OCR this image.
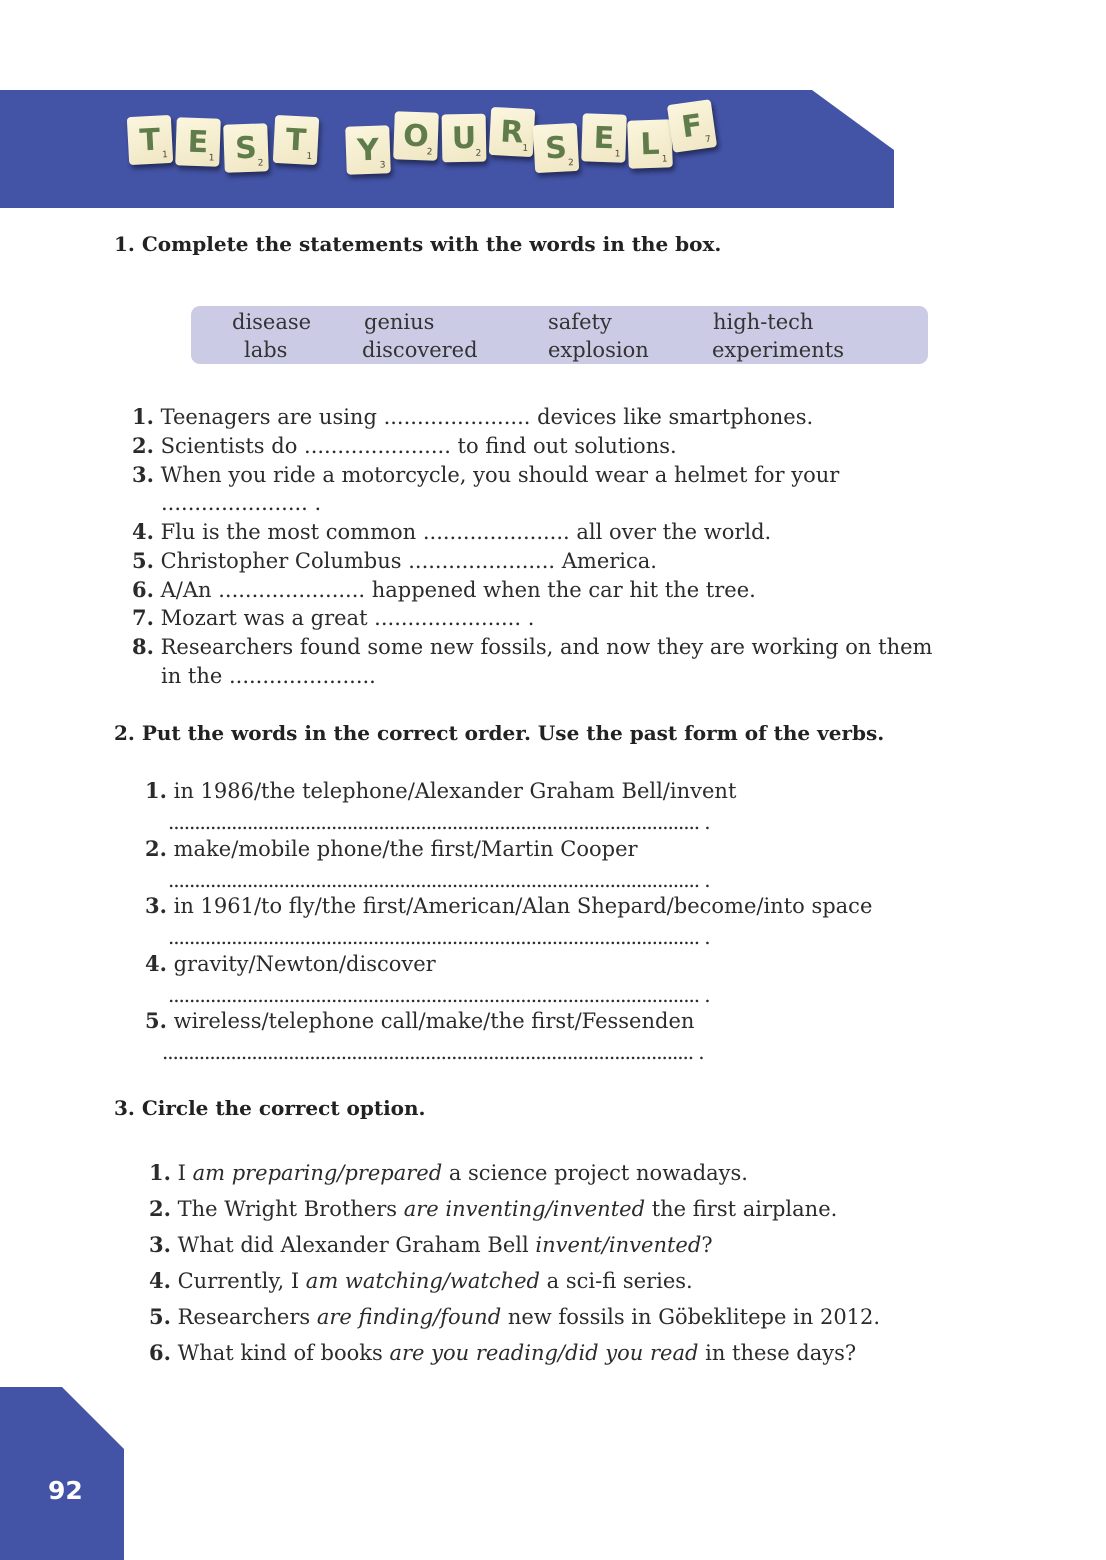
T 1 E 1 S 2
T 1 Y 3
O
2 U
2
R
1 S 2
E 1 L 1
F 7

1. Complete the statements with the words in the box.

disease	genius	safety	high-tech
labs	discovered	explosion	experiments

1. Teenagers are using ...................... devices like smartphones.

2. Scientists do ...................... to find out solutions.

3. When you ride a motorcycle, you should wear a helmet for your

...................... .

4. Flu is the most common ...................... all over the world.

5. Christopher Columbus ...................... America.

6. A/An ...................... happened when the car hit the tree.

7. Mozart was a great ...................... .

8. Researchers found some new fossils, and now they are working on them

in the ......................

2. Put the words in the correct order. Use the past form of the verbs.

1. in 1986/the telephone/Alexander Graham Bell/invent

..................................................................................................... .

2. make/mobile phone/the first/Martin Cooper

..................................................................................................... .

3. in 1961/to fly/the first/American/Alan Shepard/become/into space

..................................................................................................... .

4. gravity/Newton/discover

..................................................................................................... .

5. wireless/telephone call/make/the first/Fessenden

..................................................................................................... .

3. Circle the correct option.

1. I am preparing/prepared a science project nowadays.

2. The Wright Brothers are inventing/invented the first airplane.

3. What did Alexander Graham Bell invent/invented?

4. Currently, I am watching/watched a sci-fi series.

5. Researchers are finding/found new fossils in Göbeklitepe in 2012.

6. What kind of books are you reading/did you read in these days?

92
